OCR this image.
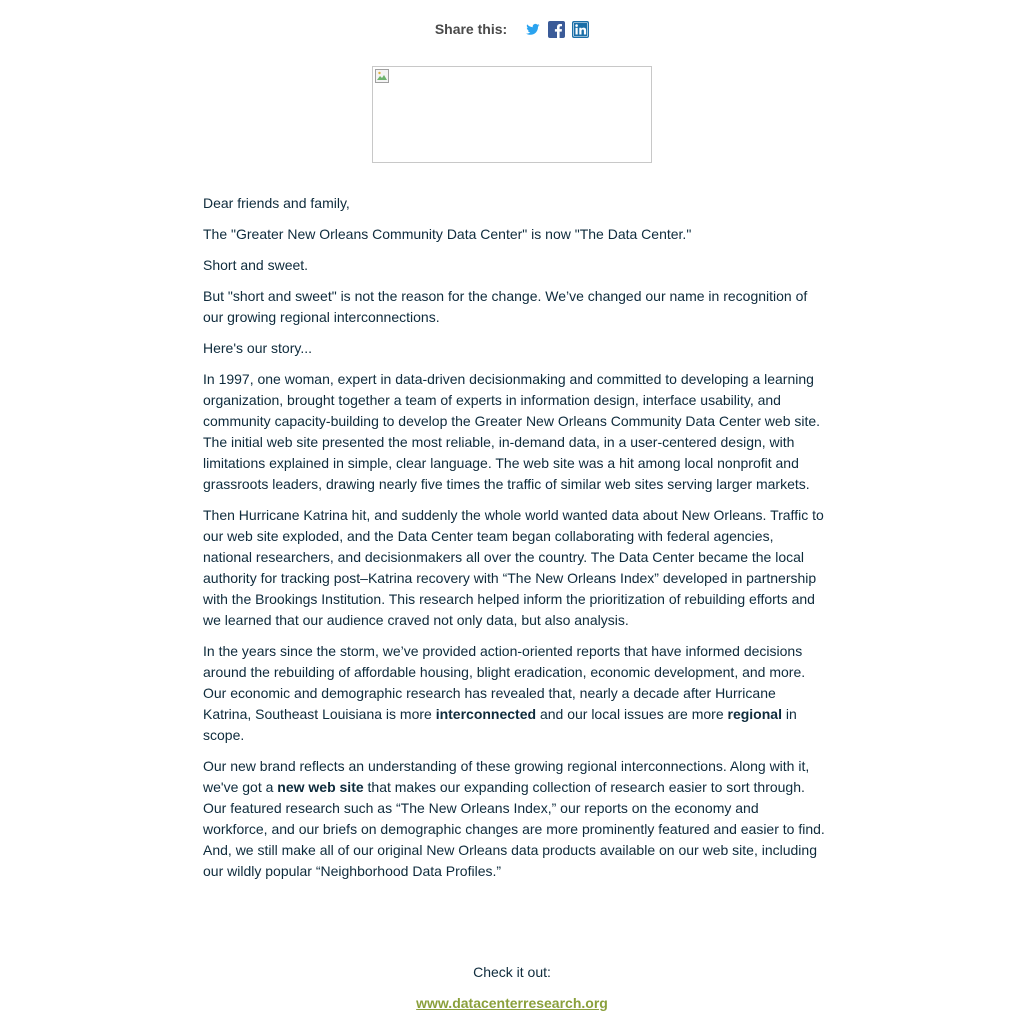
Share this:

Dear friends and family,

The "Greater New Orleans Community Data Center" is now "The Data Center."

Short and sweet.

But "short and sweet" is not the reason for the change. We’ve changed our name in recognition of our growing regional interconnections.

Here's our story...

In 1997, one woman, expert in data-driven decisionmaking and committed to developing a learning organization, brought together a team of experts in information design, interface usability, and community capacity-building to develop the Greater New Orleans Community Data Center web site. The initial web site presented the most reliable, in-demand data, in a user-centered design, with limitations explained in simple, clear language. The web site was a hit among local nonprofit and grassroots leaders, drawing nearly five times the traffic of similar web sites serving larger markets.

Then Hurricane Katrina hit, and suddenly the whole world wanted data about New Orleans. Traffic to our web site exploded, and the Data Center team began collaborating with federal agencies, national researchers, and decisionmakers all over the country. The Data Center became the local authority for tracking post–Katrina recovery with “The New Orleans Index” developed in partnership with the Brookings Institution. This research helped inform the prioritization of rebuilding efforts and we learned that our audience craved not only data, but also analysis.

In the years since the storm, we’ve provided action-oriented reports that have informed decisions around the rebuilding of affordable housing, blight eradication, economic development, and more. Our economic and demographic research has revealed that, nearly a decade after Hurricane Katrina, Southeast Louisiana is more interconnected and our local issues are more regional in scope.

Our new brand reflects an understanding of these growing regional interconnections. Along with it, we've got a new web site that makes our expanding collection of research easier to sort through. Our featured research such as “The New Orleans Index,” our reports on the economy and workforce, and our briefs on demographic changes are more prominently featured and easier to find. And, we still make all of our original New Orleans data products available on our web site, including our wildly popular “Neighborhood Data Profiles.”

Check it out:

www.datacenterresearch.org
